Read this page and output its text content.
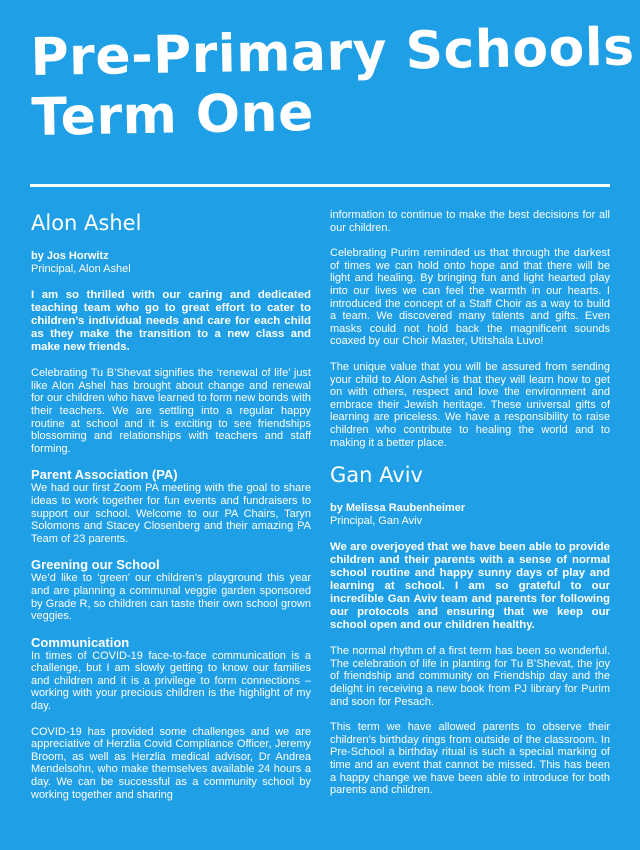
Pre-Primary Schools
Term One
Alon Ashel
by Jos Horwitz
Principal, Alon Ashel

I am so thrilled with our caring and dedicated teaching team who go to great effort to cater to children’s individual needs and care for each child as they make the transition to a new class and make new friends.

Celebrating Tu B’Shevat signifies the ‘renewal of life’ just like Alon Ashel has brought about change and renewal for our children who have learned to form new bonds with their teachers. We are settling into a regular happy routine at school and it is exciting to see friendships blossoming and relationships with teachers and staff forming.

Parent Association (PA)

We had our first Zoom PA meeting with the goal to share ideas to work together for fun events and fundraisers to support our school. Welcome to our PA Chairs, Taryn Solomons and Stacey Closenberg and their amazing PA Team of 23 parents.

Greening our School

We’d like to ‘green’ our children’s playground this year and are planning a communal veggie garden sponsored by Grade R, so children can taste their own school grown veggies.

Communication

In times of COVID-19 face-to-face communication is a challenge, but I am slowly getting to know our families and children and it is a privilege to form connections – working with your precious children is the highlight of my day.

COVID-19 has provided some challenges and we are appreciative of Herzlia Covid Compliance Officer, Jeremy Broom, as well as Herzlia medical advisor, Dr Andrea Mendelsohn, who make themselves available 24 hours a day. We can be successful as a community school by working together and sharing

information to continue to make the best decisions for all our children.

Celebrating Purim reminded us that through the darkest of times we can hold onto hope and that there will be light and healing. By bringing fun and light hearted play into our lives we can feel the warmth in our hearts. I introduced the concept of a Staff Choir as a way to build a team. We discovered many talents and gifts. Even masks could not hold back the magnificent sounds coaxed by our Choir Master, Utitshala Luvo!

The unique value that you will be assured from sending your child to Alon Ashel is that they will learn how to get on with others, respect and love the environment and embrace their Jewish heritage. These universal gifts of learning are priceless. We have a responsibility to raise children who contribute to healing the world and to making it a better place.

Gan Aviv
by Melissa Raubenheimer
Principal, Gan Aviv

We are overjoyed that we have been able to provide children and their parents with a sense of normal school routine and happy sunny days of play and learning at school. I am so grateful to our incredible Gan Aviv team and parents for following our protocols and ensuring that we keep our school open and our children healthy.

The normal rhythm of a first term has been so wonderful. The celebration of life in planting for Tu B’Shevat, the joy of friendship and community on Friendship day and the delight in receiving a new book from PJ library for Purim and soon for Pesach.

This term we have allowed parents to observe their children’s birthday rings from outside of the classroom. In Pre-School a birthday ritual is such a special marking of time and an event that cannot be missed. This has been a happy change we have been able to introduce for both parents and children.
